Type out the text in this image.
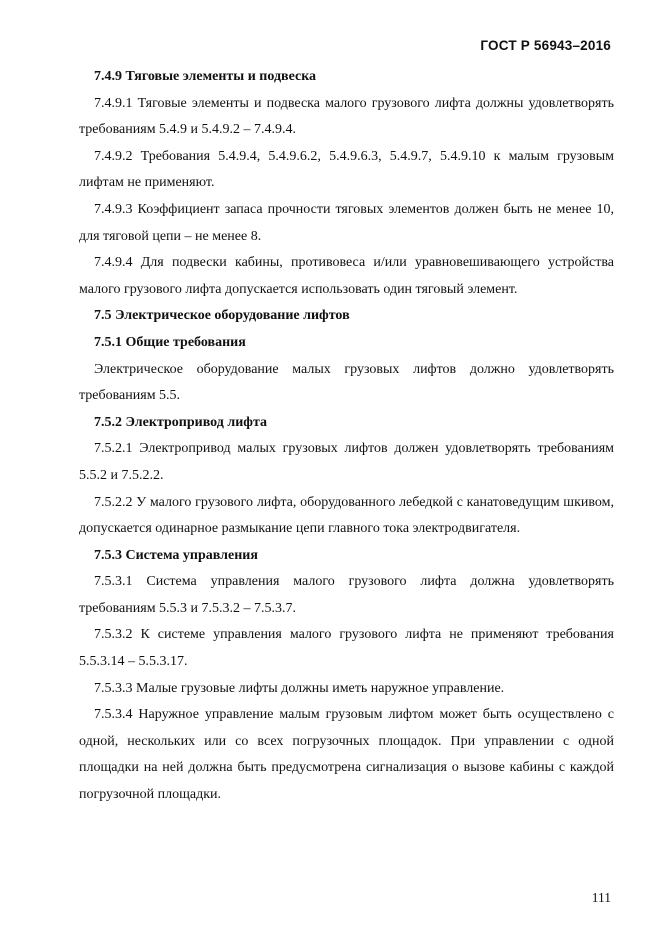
ГОСТ Р 56943–2016

7.4.9 Тяговые элементы и подвеска

7.4.9.1 Тяговые элементы и подвеска малого грузового лифта должны удовлетворять требованиям 5.4.9 и 5.4.9.2 – 7.4.9.4.

7.4.9.2 Требования 5.4.9.4, 5.4.9.6.2, 5.4.9.6.3, 5.4.9.7, 5.4.9.10 к малым грузовым лифтам не применяют.

7.4.9.3 Коэффициент запаса прочности тяговых элементов должен быть не менее 10, для тяговой цепи – не менее 8.

7.4.9.4 Для подвески кабины, противовеса и/или уравновешивающего устройства малого грузового лифта допускается использовать один тяговый элемент.

7.5 Электрическое оборудование лифтов

7.5.1 Общие требования

Электрическое оборудование малых грузовых лифтов должно удовлетворять требованиям 5.5.

7.5.2 Электропривод лифта

7.5.2.1 Электропривод малых грузовых лифтов должен удовлетворять требованиям 5.5.2 и 7.5.2.2.

7.5.2.2 У малого грузового лифта, оборудованного лебедкой с канатоведущим шкивом, допускается одинарное размыкание цепи главного тока электродвигателя.

7.5.3 Система управления

7.5.3.1 Система управления малого грузового лифта должна удовлетворять требованиям 5.5.3 и 7.5.3.2 – 7.5.3.7.

7.5.3.2 К системе управления малого грузового лифта не применяют требования 5.5.3.14 – 5.5.3.17.

7.5.3.3 Малые грузовые лифты должны иметь наружное управление.

7.5.3.4 Наружное управление малым грузовым лифтом может быть осуществлено с одной, нескольких или со всех погрузочных площадок. При управлении с одной площадки на ней должна быть предусмотрена сигнализация о вызове кабины с каждой погрузочной площадки.

111
